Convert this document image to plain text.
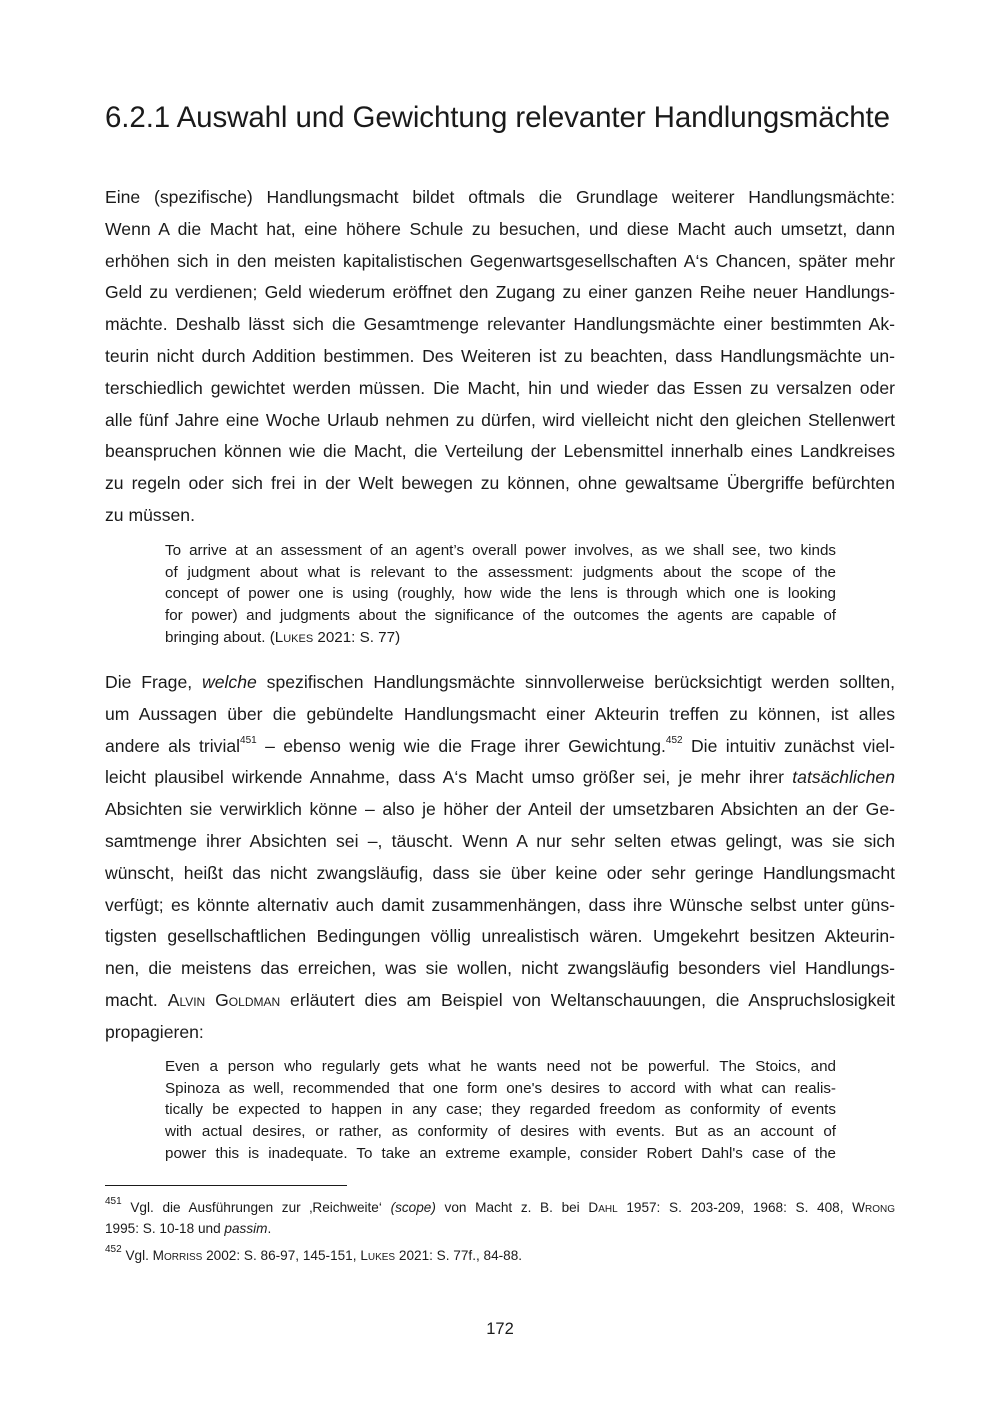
6.2.1 Auswahl und Gewichtung relevanter Handlungsmächte
Eine (spezifische) Handlungsmacht bildet oftmals die Grundlage weiterer Handlungsmächte:
Wenn A die Macht hat, eine höhere Schule zu besuchen, und diese Macht auch umsetzt, dann
erhöhen sich in den meisten kapitalistischen Gegenwartsgesellschaften A‘s Chancen, später mehr
Geld zu verdienen; Geld wiederum eröffnet den Zugang zu einer ganzen Reihe neuer Handlungs-
mächte. Deshalb lässt sich die Gesamtmenge relevanter Handlungsmächte einer bestimmten Ak-
teurin nicht durch Addition bestimmen. Des Weiteren ist zu beachten, dass Handlungsmächte un-
terschiedlich gewichtet werden müssen. Die Macht, hin und wieder das Essen zu versalzen oder
alle fünf Jahre eine Woche Urlaub nehmen zu dürfen, wird vielleicht nicht den gleichen Stellenwert
beanspruchen können wie die Macht, die Verteilung der Lebensmittel innerhalb eines Landkreises
zu regeln oder sich frei in der Welt bewegen zu können, ohne gewaltsame Übergriffe befürchten
zu müssen.
To arrive at an assessment of an agent’s overall power involves, as we shall see, two kinds
of judgment about what is relevant to the assessment: judgments about the scope of the
concept of power one is using (roughly, how wide the lens is through which one is looking
for power) and judgments about the significance of the outcomes the agents are capable of
bringing about. (Lukes 2021: S. 77)
Die Frage, welche spezifischen Handlungsmächte sinnvollerweise berücksichtigt werden sollten,
um Aussagen über die gebündelte Handlungsmacht einer Akteurin treffen zu können, ist alles
andere als trivial$^{451}$ – ebenso wenig wie die Frage ihrer Gewichtung.$^{452}$ Die intuitiv zunächst viel-
leicht plausibel wirkende Annahme, dass A‘s Macht umso größer sei, je mehr ihrer tatsächlichen
Absichten sie verwirklich könne – also je höher der Anteil der umsetzbaren Absichten an der Ge-
samtmenge ihrer Absichten sei –, täuscht. Wenn A nur sehr selten etwas gelingt, was sie sich
wünscht, heißt das nicht zwangsläufig, dass sie über keine oder sehr geringe Handlungsmacht
verfügt; es könnte alternativ auch damit zusammenhängen, dass ihre Wünsche selbst unter güns-
tigsten gesellschaftlichen Bedingungen völlig unrealistisch wären. Umgekehrt besitzen Akteurin-
nen, die meistens das erreichen, was sie wollen, nicht zwangsläufig besonders viel Handlungs-
macht. Alvin Goldman erläutert dies am Beispiel von Weltanschauungen, die Anspruchslosigkeit
propagieren:
Even a person who regularly gets what he wants need not be powerful. The Stoics, and
Spinoza as well, recommended that one form one's desires to accord with what can realis-
tically be expected to happen in any case; they regarded freedom as conformity of events
with actual desires, or rather, as conformity of desires with events. But as an account of
power this is inadequate. To take an extreme example, consider Robert Dahl's case of the
$^{451}$ Vgl. die Ausführungen zur ‚Reichweite‘ (scope) von Macht z. B. bei Dahl 1957: S. 203-209, 1968: S. 408, Wrong
1995: S. 10-18 und passim.
$^{452}$ Vgl. Morriss 2002: S. 86-97, 145-151, Lukes 2021: S. 77f., 84-88.
172
